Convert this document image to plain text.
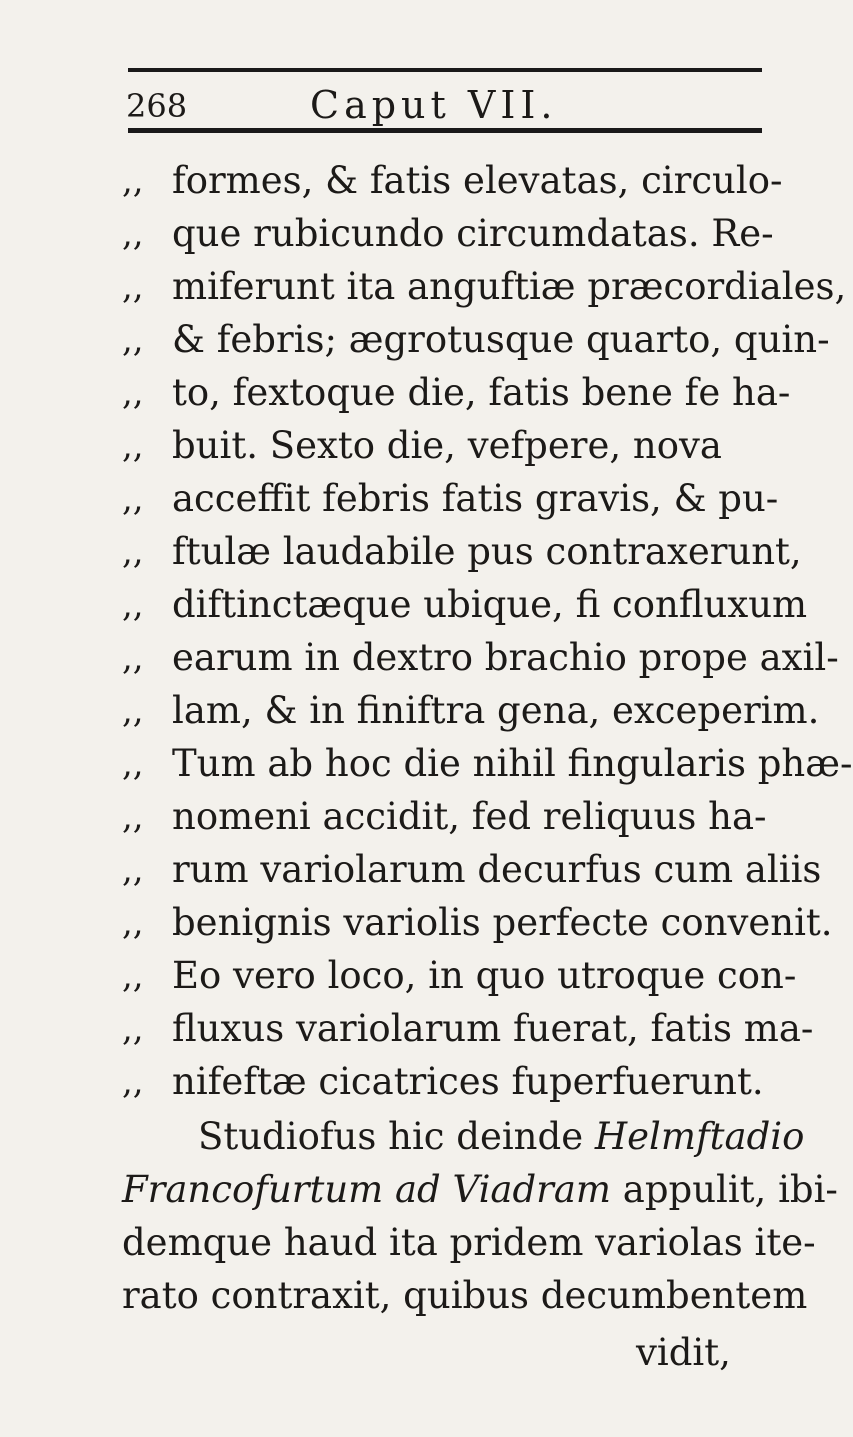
268	Caput VII.
,, formes, & fatis elevatas, circulo-
,, que rubicundo circumdatas. Re-
,, miferunt ita anguftiæ præcordiales,
,, & febris; ægrotusque quarto, quin-
,, to, fextoque die, fatis bene fe ha-
,, buit. Sexto die, vefpere, nova
,, acceffit febris fatis gravis, & pu-
,, ftulæ laudabile pus contraxerunt,
,, diftinctæque ubique, fi confluxum
,, earum in dextro brachio prope axil-
,, lam, & in finiftra gena, exceperim.
,, Tum ab hoc die nihil fingularis phæ-
,, nomeni accidit, fed reliquus ha-
,, rum variolarum decurfus cum aliis
,, benignis variolis perfecte convenit.
,, Eo vero loco, in quo utroque con-
,, fluxus variolarum fuerat, fatis ma-
,, nifeftæ cicatrices fuperfuerunt.
Studiofus hic deinde Helmftadio
Francofurtum ad Viadram appulit, ibi-
demque haud ita pridem variolas ite-
rato contraxit, quibus decumbentem
vidit,
